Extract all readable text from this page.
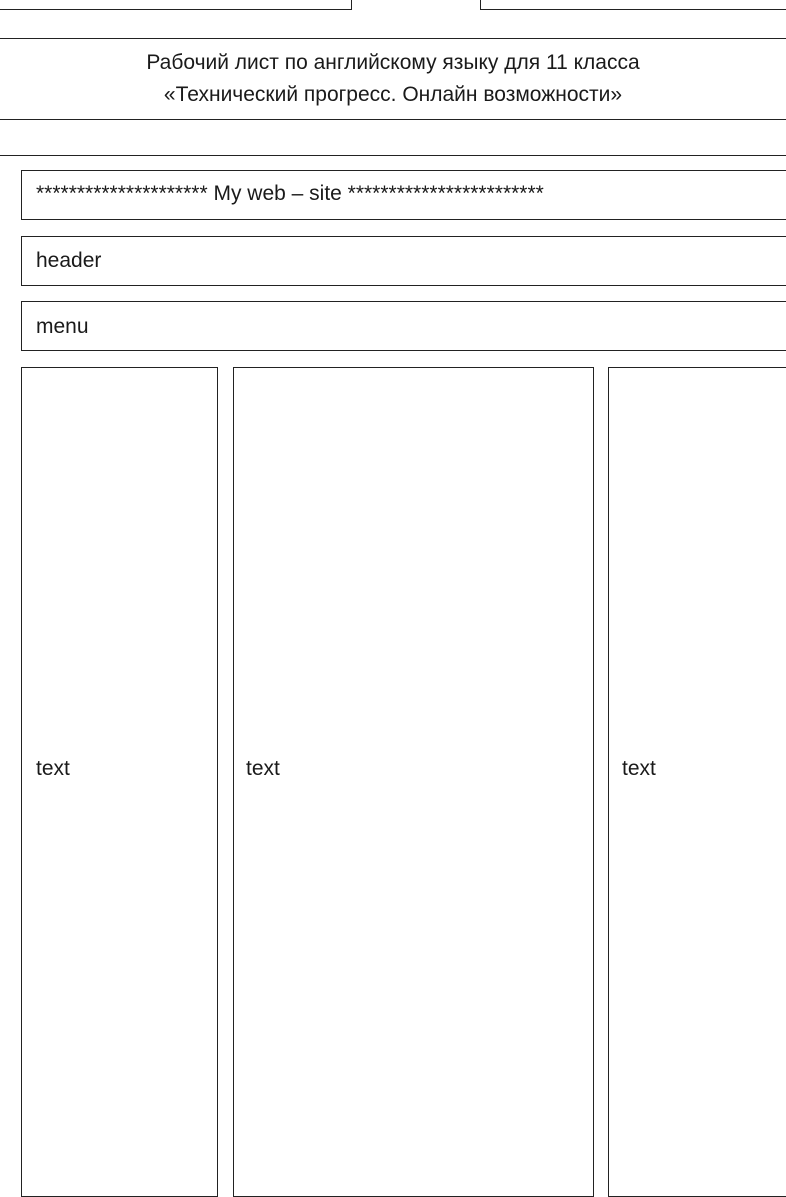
Рабочий лист по английскому языку для 11 класса
«Технический прогресс. Онлайн возможности»
********************* My web – site ************************
header
menu
text	text	text
